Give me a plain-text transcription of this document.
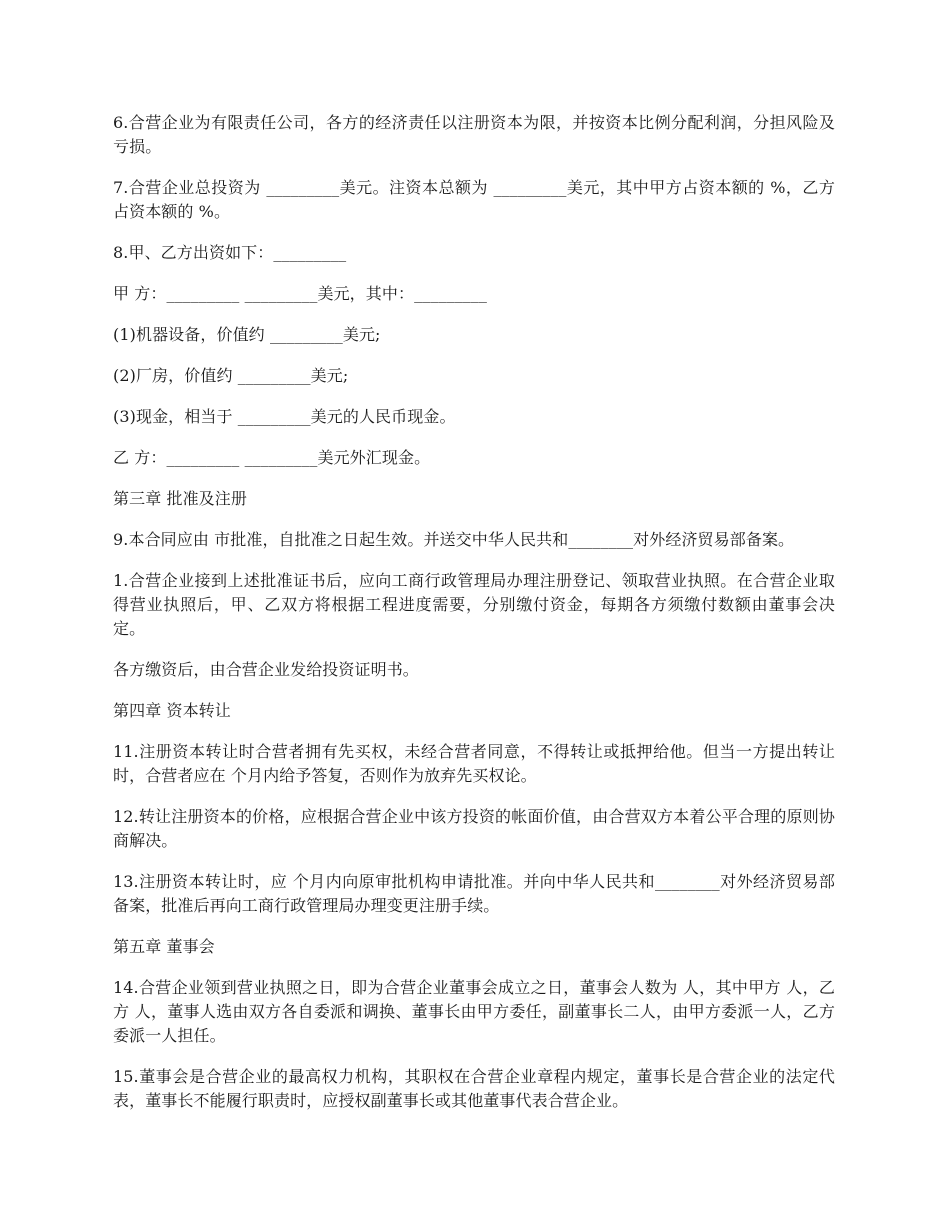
6.合营企业为有限责任公司，各方的经济责任以注册资本为限，并按资本比例分配利润，分担风险及亏损。

7.合营企业总投资为 _________美元。注资本总额为 _________美元，其中甲方占资本额的 %，乙方占资本额的 %。

8.甲、乙方出资如下：_________

甲 方：_________ _________美元，其中：_________

(1)机器设备，价值约 _________美元;

(2)厂房，价值约 _________美元;

(3)现金，相当于 _________美元的人民币现金。

乙 方：_________ _________美元外汇现金。

第三章 批准及注册

9.本合同应由 市批准，自批准之日起生效。并送交中华人民共和________对外经济贸易部备案。

1.合营企业接到上述批准证书后，应向工商行政管理局办理注册登记、领取营业执照。在合营企业取得营业执照后，甲、乙双方将根据工程进度需要，分别缴付资金，每期各方须缴付数额由董事会决定。

各方缴资后，由合营企业发给投资证明书。

第四章 资本转让

11.注册资本转让时合营者拥有先买权，未经合营者同意，不得转让或抵押给他。但当一方提出转让时，合营者应在 个月内给予答复，否则作为放弃先买权论。

12.转让注册资本的价格，应根据合营企业中该方投资的帐面价值，由合营双方本着公平合理的原则协商解决。

13.注册资本转让时，应 个月内向原审批机构申请批准。并向中华人民共和________对外经济贸易部备案，批准后再向工商行政管理局办理变更注册手续。

第五章 董事会

14.合营企业领到营业执照之日，即为合营企业董事会成立之日，董事会人数为 人，其中甲方 人，乙方 人，董事人选由双方各自委派和调换、董事长由甲方委任，副董事长二人，由甲方委派一人，乙方委派一人担任。

15.董事会是合营企业的最高权力机构，其职权在合营企业章程内规定，董事长是合营企业的法定代表，董事长不能履行职责时，应授权副董事长或其他董事代表合营企业。
